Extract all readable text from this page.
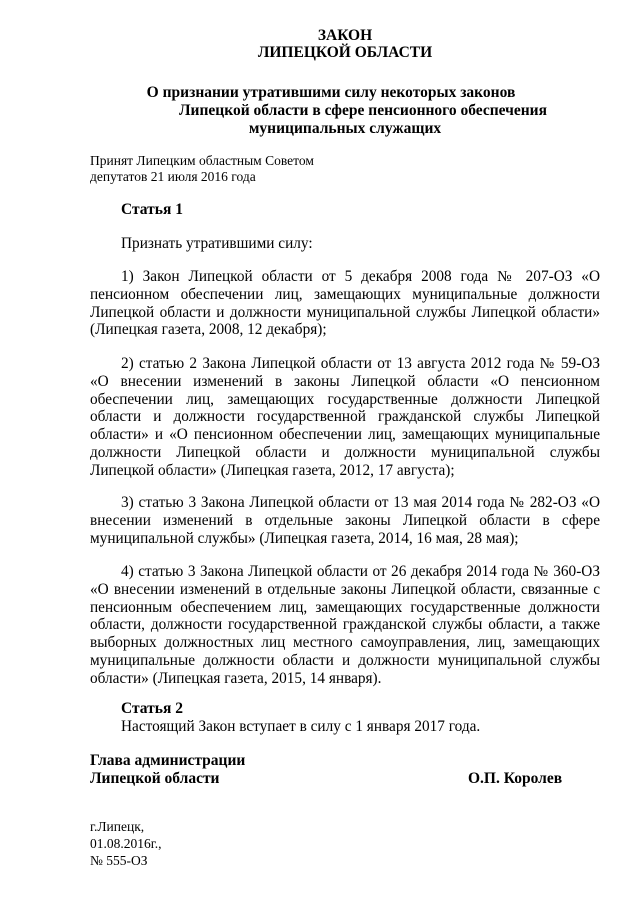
ЗАКОН
ЛИПЕЦКОЙ ОБЛАСТИ
О признании утратившими силу некоторых законов
Липецкой области в сфере пенсионного обеспечения
муниципальных служащих
Принят Липецким областным Советом
депутатов 21 июля 2016 года
Статья 1

Признать утратившими силу:

1) Закон Липецкой области от 5 декабря 2008 года № 207-ОЗ «О пенсионном обеспечении лиц, замещающих муниципальные должности Липецкой области и должности муниципальной службы Липецкой области» (Липецкая газета, 2008, 12 декабря);

2) статью 2 Закона Липецкой области от 13 августа 2012 года № 59-ОЗ «О внесении изменений в законы Липецкой области «О пенсионном обеспечении лиц, замещающих государственные должности Липецкой области и должности государственной гражданской службы Липецкой области» и «О пенсионном обеспечении лиц, замещающих муниципальные должности Липецкой области и должности муниципальной службы Липецкой области» (Липецкая газета, 2012, 17 августа);

3) статью 3 Закона Липецкой области от 13 мая 2014 года № 282-ОЗ «О внесении изменений в отдельные законы Липецкой области в сфере муниципальной службы» (Липецкая газета, 2014, 16 мая, 28 мая);

4) статью 3 Закона Липецкой области от 26 декабря 2014 года № 360-ОЗ «О внесении изменений в отдельные законы Липецкой области, связанные с пенсионным обеспечением лиц, замещающих государственные должности области, должности государственной гражданской службы области, а также выборных должностных лиц местного самоуправления, лиц, замещающих муниципальные должности области и должности муниципальной службы области» (Липецкая газета, 2015, 14 января).

Статья 2

Настоящий Закон вступает в силу с 1 января 2017 года.

Глава администрации
Липецкой области	О.П. Королев
г.Липецк,
01.08.2016г.,
№ 555-ОЗ
